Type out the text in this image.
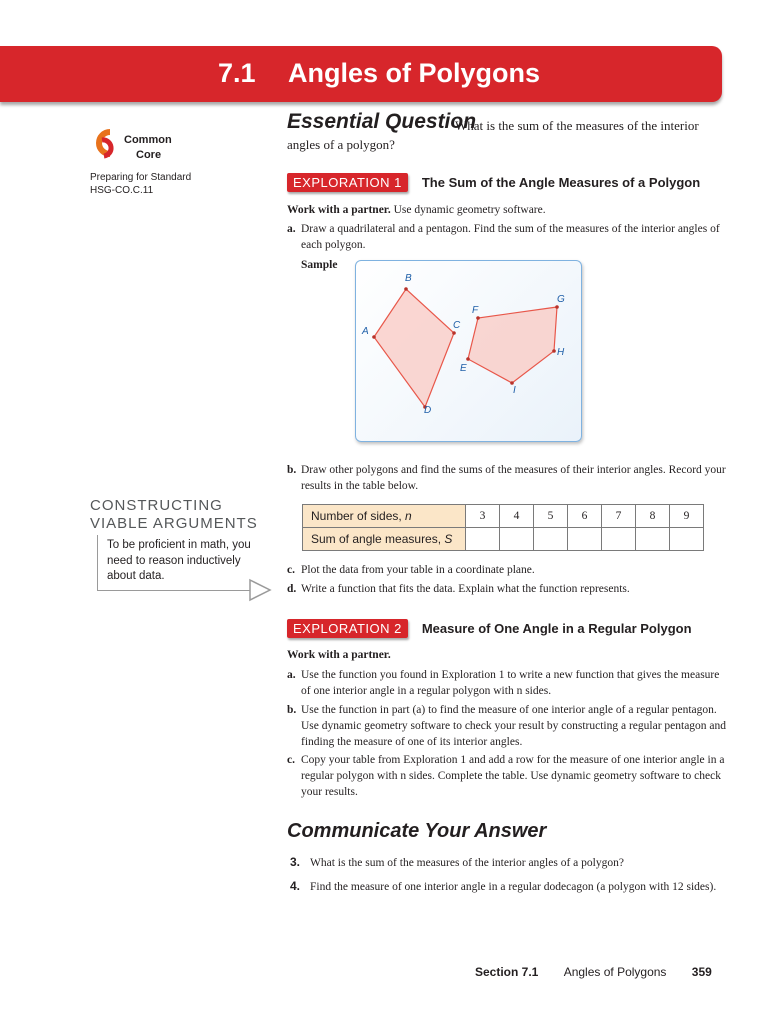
7.1 Angles of Polygons
Common
Core
Preparing for Standard
HSG-CO.C.11
Essential Question
What is the sum of the measures of the interior angles of a polygon?
EXPLORATION 1 The Sum of the Angle Measures of a Polygon
Work with a partner. Use dynamic geometry software.
a. Draw a quadrilateral and a pentagon. Find the sum of the measures of the interior angles of each polygon.
Sample
A
B
C
D
E
F
G
H
I
b. Draw other polygons and find the sums of the measures of their interior angles. Record your results in the table below.
CONSTRUCTING
VIABLE ARGUMENTS
To be proficient in math, you need to reason inductively about data.
Number of sides, n	3	4	5	6	7	8	9
Sum of angle measures, S							
c. Plot the data from your table in a coordinate plane.
d. Write a function that fits the data. Explain what the function represents.
EXPLORATION 2 Measure of One Angle in a Regular Polygon
Work with a partner.
a. Use the function you found in Exploration 1 to write a new function that gives the measure of one interior angle in a regular polygon with n sides.
b. Use the function in part (a) to find the measure of one interior angle of a regular pentagon. Use dynamic geometry software to check your result by constructing a regular pentagon and finding the measure of one of its interior angles.
c. Copy your table from Exploration 1 and add a row for the measure of one interior angle in a regular polygon with n sides. Complete the table. Use dynamic geometry software to check your results.
Communicate Your Answer
3. What is the sum of the measures of the interior angles of a polygon?
4. Find the measure of one interior angle in a regular dodecagon (a polygon with 12 sides).
Section 7.1 Angles of Polygons 359
